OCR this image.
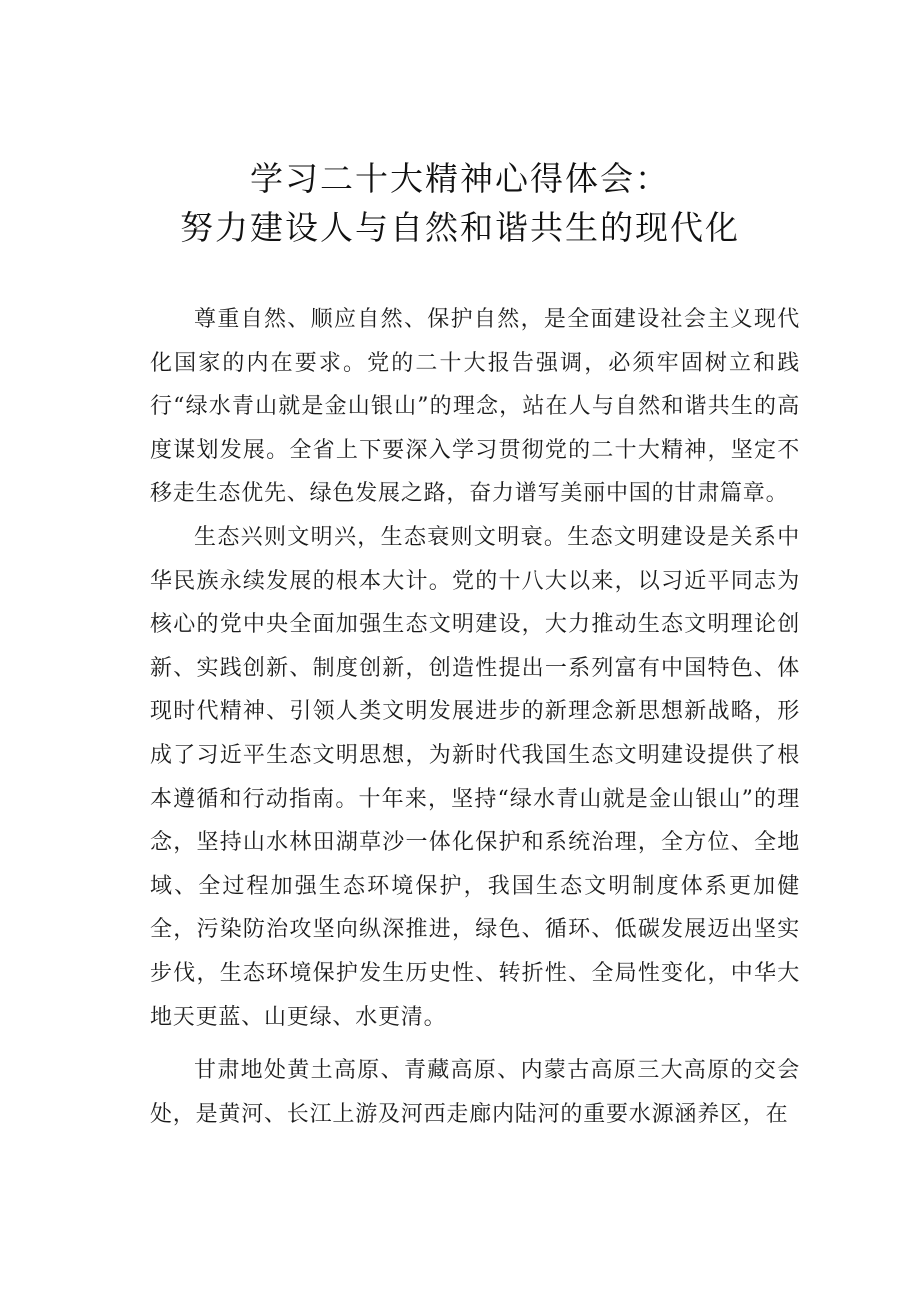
学习二十大精神心得体会：
努力建设人与自然和谐共生的现代化

尊重自然、顺应自然、保护自然，是全面建设社会主义现代化国家的内在要求。党的二十大报告强调，必须牢固树立和践行“绿水青山就是金山银山”的理念，站在人与自然和谐共生的高度谋划发展。全省上下要深入学习贯彻党的二十大精神，坚定不移走生态优先、绿色发展之路，奋力谱写美丽中国的甘肃篇章。

生态兴则文明兴，生态衰则文明衰。生态文明建设是关系中华民族永续发展的根本大计。党的十八大以来，以习近平同志为核心的党中央全面加强生态文明建设，大力推动生态文明理论创新、实践创新、制度创新，创造性提出一系列富有中国特色、体现时代精神、引领人类文明发展进步的新理念新思想新战略，形成了习近平生态文明思想，为新时代我国生态文明建设提供了根本遵循和行动指南。十年来，坚持“绿水青山就是金山银山”的理念，坚持山水林田湖草沙一体化保护和系统治理，全方位、全地域、全过程加强生态环境保护，我国生态文明制度体系更加健全，污染防治攻坚向纵深推进，绿色、循环、低碳发展迈出坚实步伐，生态环境保护发生历史性、转折性、全局性变化，中华大地天更蓝、山更绿、水更清。

甘肃地处黄土高原、青藏高原、内蒙古高原三大高原的交会处，是黄河、长江上游及河西走廊内陆河的重要水源涵养区，在
